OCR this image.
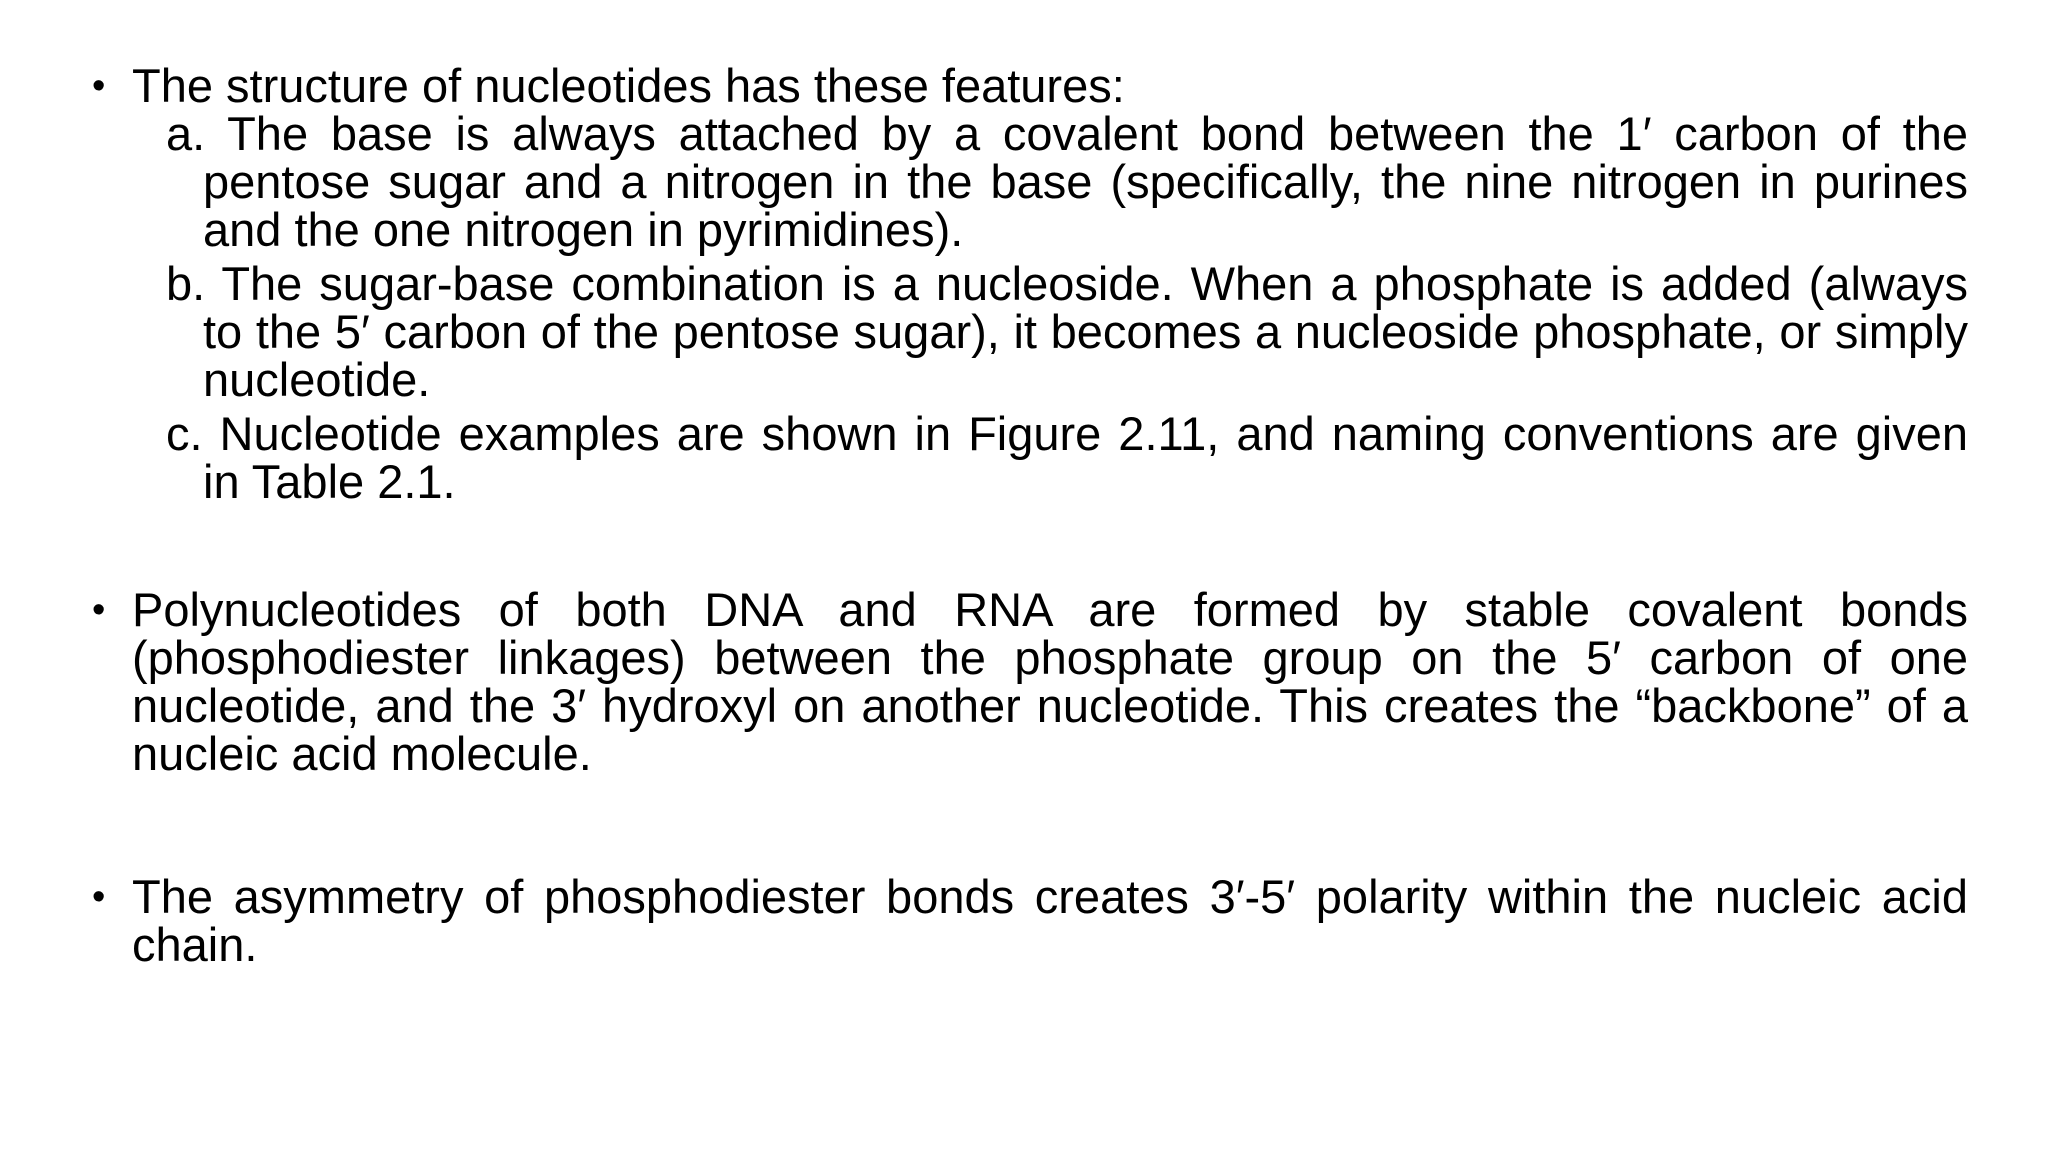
• The structure of nucleotides has these features:
a. The base is always attached by a covalent bond between the 1′ carbon of the pentose sugar and a nitrogen in the base (specifically, the nine nitrogen in purines and the one nitrogen in pyrimidines).
b. The sugar-base combination is a nucleoside. When a phosphate is added (always to the 5′ carbon of the pentose sugar), it becomes a nucleoside phosphate, or simply nucleotide.
c. Nucleotide examples are shown in Figure 2.11, and naming conventions are given in Table 2.1.
• Polynucleotides of both DNA and RNA are formed by stable covalent bonds (phosphodiester linkages) between the phosphate group on the 5′ carbon of one nucleotide, and the 3′ hydroxyl on another nucleotide. This creates the “backbone” of a nucleic acid molecule.
• The asymmetry of phosphodiester bonds creates 3′-5′ polarity within the nucleic acid chain.
